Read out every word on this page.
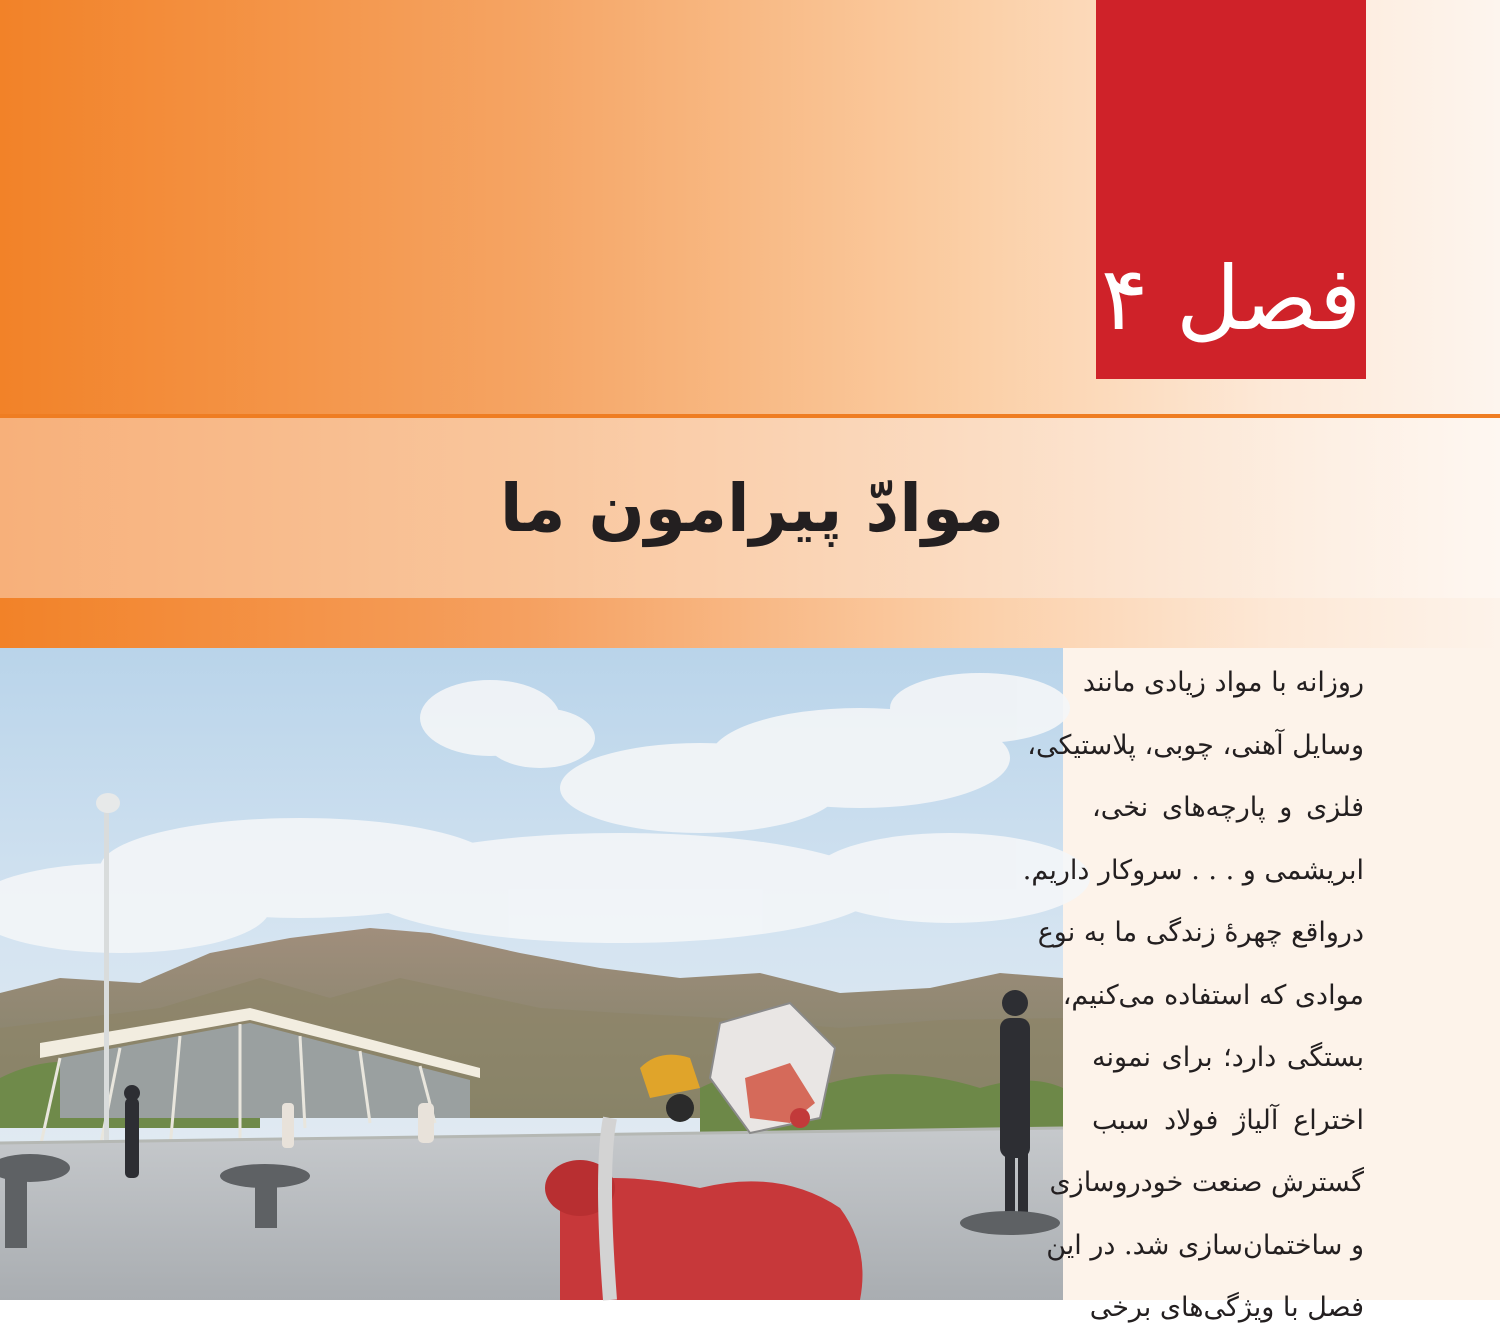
فصل ۴
موادّ پیرامون ما
روزانه با مواد زیادی مانند
وسایل آهنی، چوبی، پلاستیکی،
فلزی و پارچه‌های نخی،
ابریشمی و . . . سروکار داریم.
درواقع چهرۀ زندگی ما به نوع
موادی که استفاده می‌کنیم،
بستگی دارد؛ برای نمونه
اختراع آلیاژ فولاد سبب
گسترش صنعت خودروسازی
و ساختمان‌سازی شد. در این
فصل با ویژگی‌های برخی
